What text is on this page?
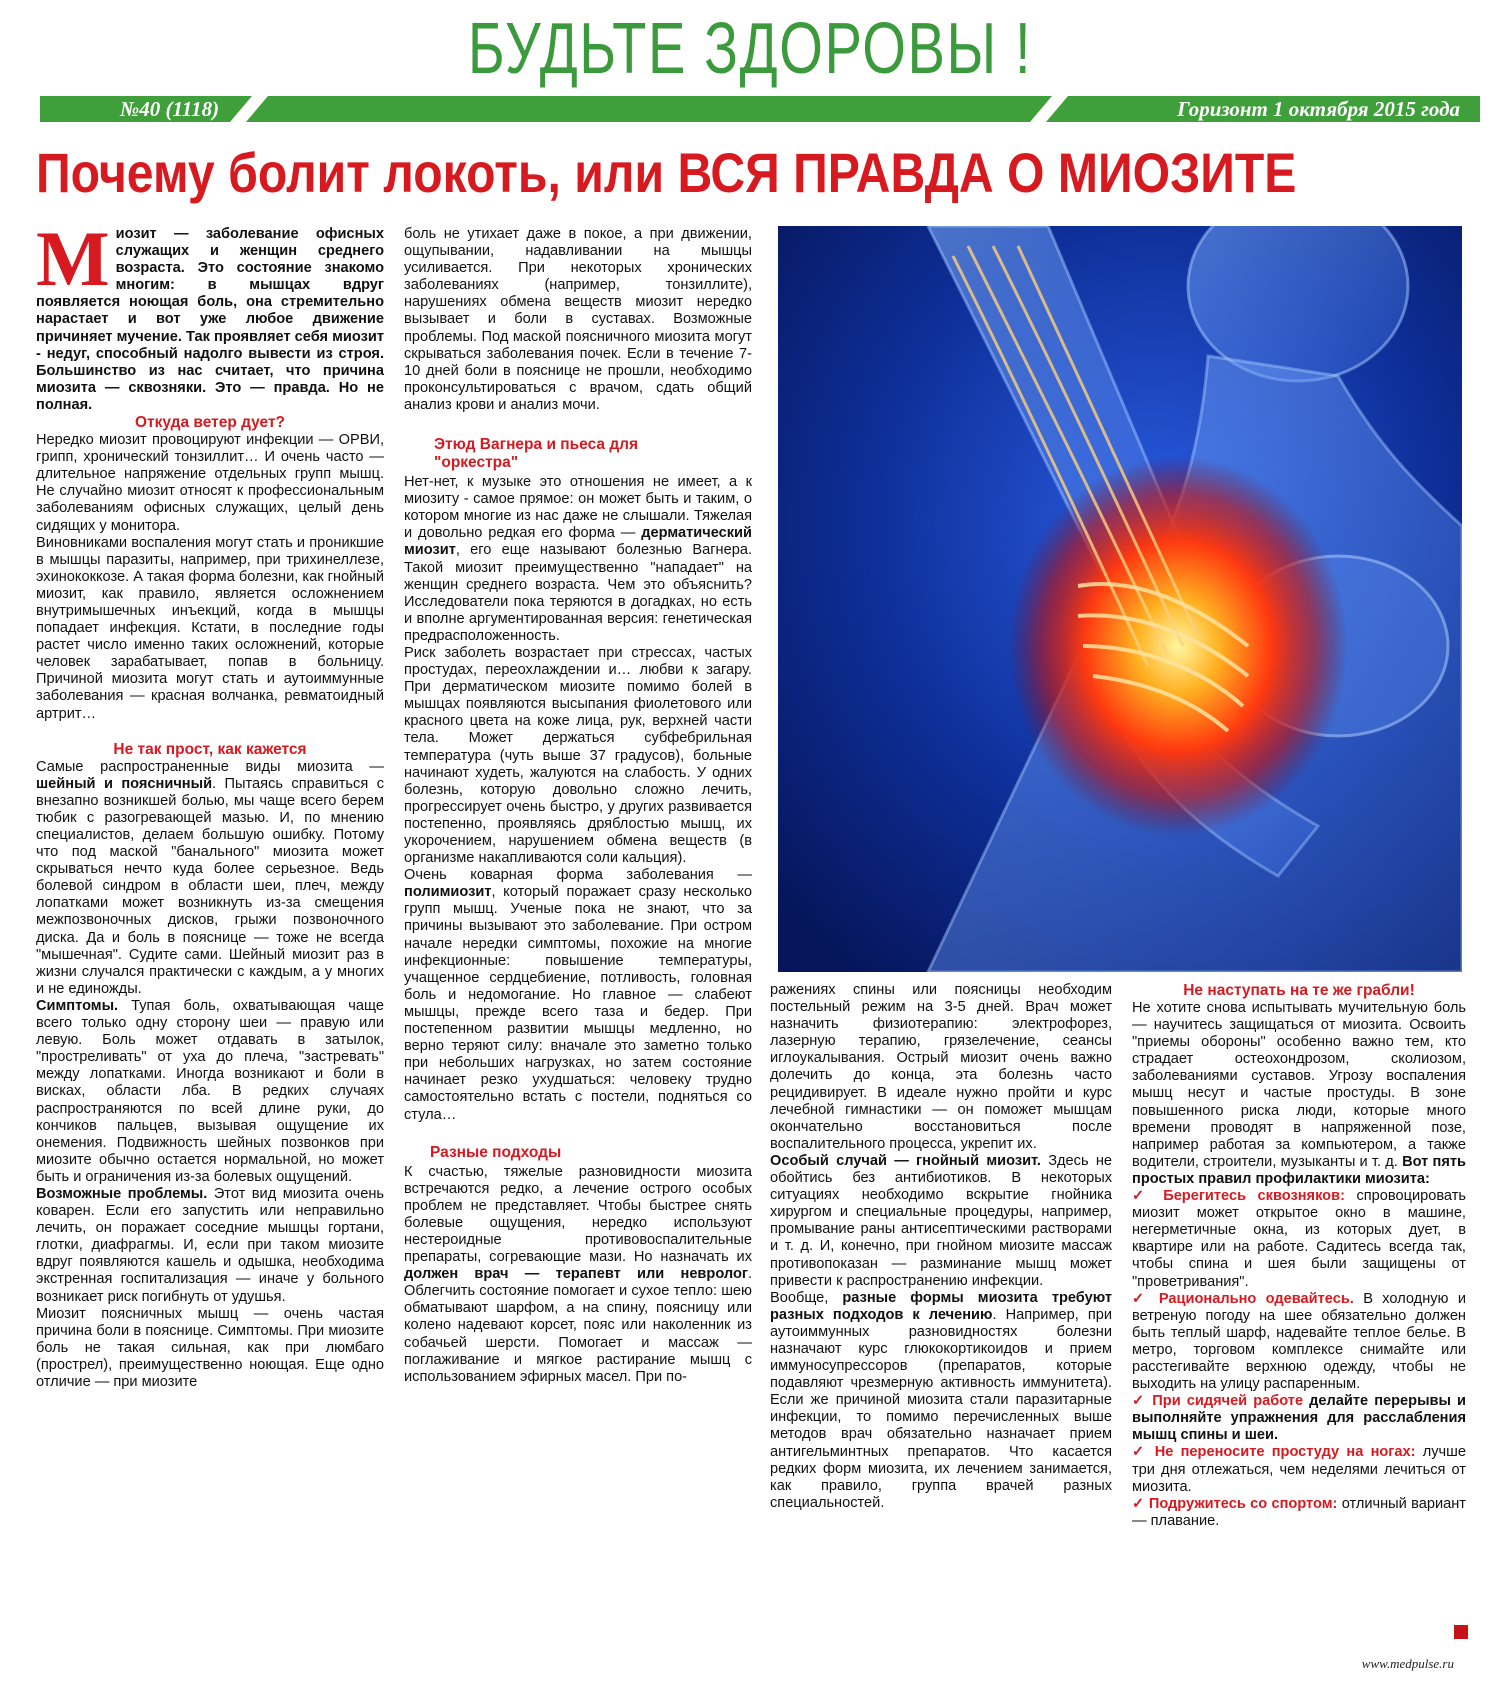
БУДЬТЕ ЗДОРОВЫ !
№40 (1118)	Горизонт 1 октября 2015 года
Почему болит локоть, или ВСЯ ПРАВДА О МИОЗИТЕ

Миозит — заболевание офисных служащих и женщин среднего возраста. Это состояние знакомо многим: в мышцах вдруг появляется ноющая боль, она стремительно нарастает и вот уже любое движение причиняет мучение. Так проявляет себя миозит - недуг, способный надолго вывести из строя. Большинство из нас считает, что причина миозита — сквозняки. Это — правда. Но не полная.

Откуда ветер дует?

Нередко миозит провоцируют инфекции — ОРВИ, грипп, хронический тонзиллит… И очень часто — длительное напряжение отдельных групп мышц. Не случайно миозит относят к профессиональным заболеваниям офисных служащих, целый день сидящих у монитора.

Виновниками воспаления могут стать и проникшие в мышцы паразиты, например, при трихинеллезе, эхинококкозе. А такая форма болезни, как гнойный миозит, как правило, является осложнением внутримышечных инъекций, когда в мышцы попадает инфекция. Кстати, в последние годы растет число именно таких осложнений, которые человек зарабатывает, попав в больницу. Причиной миозита могут стать и аутоиммунные заболевания — красная волчанка, ревматоидный артрит…

Не так прост, как кажется

Самые распространенные виды миозита — шейный и поясничный. Пытаясь справиться с внезапно возникшей болью, мы чаще всего берем тюбик с разогревающей мазью. И, по мнению специалистов, делаем большую ошибку. Потому что под маской "банального" миозита может скрываться нечто куда более серьезное. Ведь болевой синдром в области шеи, плеч, между лопатками может возникнуть из-за смещения межпозвоночных дисков, грыжи позвоночного диска. Да и боль в пояснице — тоже не всегда "мышечная". Судите сами. Шейный миозит раз в жизни случался практически с каждым, а у многих и не единожды.

Симптомы. Тупая боль, охватывающая чаще всего только одну сторону шеи — правую или левую. Боль может отдавать в затылок, "простреливать" от уха до плеча, "застревать" между лопатками. Иногда возникают и боли в висках, области лба. В редких случаях распространяются по всей длине руки, до кончиков пальцев, вызывая ощущение их онемения. Подвижность шейных позвонков при миозите обычно остается нормальной, но может быть и ограничения из-за болевых ощущений.

Возможные проблемы. Этот вид миозита очень коварен. Если его запустить или неправильно лечить, он поражает соседние мышцы гортани, глотки, диафрагмы. И, если при таком миозите вдруг появляются кашель и одышка, необходима экстренная госпитализация — иначе у больного возникает риск погибнуть от удушья.

Миозит поясничных мышц — очень частая причина боли в пояснице. Симптомы. При миозите боль не такая сильная, как при люмбаго (прострел), преимущественно ноющая. Еще одно отличие — при миозите

боль не утихает даже в покое, а при движении, ощупывании, надавливании на мышцы усиливается. При некоторых хронических заболеваниях (например, тонзиллите), нарушениях обмена веществ миозит нередко вызывает и боли в суставах. Возможные проблемы. Под маской поясничного миозита могут скрываться заболевания почек. Если в течение 7-10 дней боли в пояснице не прошли, необходимо проконсультироваться с врачом, сдать общий анализ крови и анализ мочи.

Этюд Вагнера и пьеса для "оркестра"

Нет-нет, к музыке это отношения не имеет, а к миозиту - самое прямое: он может быть и таким, о котором многие из нас даже не слышали. Тяжелая и довольно редкая его форма — дерматический миозит, его еще называют болезнью Вагнера. Такой миозит преимущественно "нападает" на женщин среднего возраста. Чем это объяснить? Исследователи пока теряются в догадках, но есть и вполне аргументированная версия: генетическая предрасположенность.

Риск заболеть возрастает при стрессах, частых простудах, переохлаждении и… любви к загару. При дерматическом миозите помимо болей в мышцах появляются высыпания фиолетового или красного цвета на коже лица, рук, верхней части тела. Может держаться субфебрильная температура (чуть выше 37 градусов), больные начинают худеть, жалуются на слабость. У одних болезнь, которую довольно сложно лечить, прогрессирует очень быстро, у других развивается постепенно, проявляясь дряблостью мышц, их укорочением, нарушением обмена веществ (в организме накапливаются соли кальция).

Очень коварная форма заболевания — полимиозит, который поражает сразу несколько групп мышц. Ученые пока не знают, что за причины вызывают это заболевание. При остром начале нередки симптомы, похожие на многие инфекционные: повышение температуры, учащенное сердцебиение, потливость, головная боль и недомогание. Но главное — слабеют мышцы, прежде всего таза и бедер. При постепенном развитии мышцы медленно, но верно теряют силу: вначале это заметно только при небольших нагрузках, но затем состояние начинает резко ухудшаться: человеку трудно самостоятельно встать с постели, подняться со стула…

Разные подходы

К счастью, тяжелые разновидности миозита встречаются редко, а лечение острого особых проблем не представляет. Чтобы быстрее снять болевые ощущения, нередко используют нестероидные противовоспалительные препараты, согревающие мази. Но назначать их должен врач — терапевт или невролог. Облегчить состояние помогает и сухое тепло: шею обматывают шарфом, а на спину, поясницу или колено надевают корсет, пояс или наколенник из собачьей шерсти. Помогает и массаж — поглаживание и мягкое растирание мышц с использованием эфирных масел. При по-

ражениях спины или поясницы необходим постельный режим на 3-5 дней. Врач может назначить физиотерапию: электрофорез, лазерную терапию, грязелечение, сеансы иглоукалывания. Острый миозит очень важно долечить до конца, эта болезнь часто рецидивирует. В идеале нужно пройти и курс лечебной гимнастики — он поможет мышцам окончательно восстановиться после воспалительного процесса, укрепит их.

Особый случай — гнойный миозит. Здесь не обойтись без антибиотиков. В некоторых ситуациях необходимо вскрытие гнойника хирургом и специальные процедуры, например, промывание раны антисептическими растворами и т. д. И, конечно, при гнойном миозите массаж противопоказан — разминание мышц может привести к распространению инфекции.

Вообще, разные формы миозита требуют разных подходов к лечению. Например, при аутоиммунных разновидностях болезни назначают курс глюкокортикоидов и прием иммуносупрессоров (препаратов, которые подавляют чрезмерную активность иммунитета). Если же причиной миозита стали паразитарные инфекции, то помимо перечисленных выше методов врач обязательно назначает прием антигельминтных препаратов. Что касается редких форм миозита, их лечением занимается, как правило, группа врачей разных специальностей.

Не наступать на те же грабли!

Не хотите снова испытывать мучительную боль — научитесь защищаться от миозита. Освоить "приемы обороны" особенно важно тем, кто страдает остеохондрозом, сколиозом, заболеваниями суставов. Угрозу воспаления мышц несут и частые простуды. В зоне повышенного риска люди, которые много времени проводят в напряженной позе, например работая за компьютером, а также водители, строители, музыканты и т. д. Вот пять простых правил профилактики миозита:

✓ Берегитесь сквозняков: спровоцировать миозит может открытое окно в машине, негерметичные окна, из которых дует, в квартире или на работе. Садитесь всегда так, чтобы спина и шея были защищены от "проветривания".

✓ Рационально одевайтесь. В холодную и ветреную погоду на шее обязательно должен быть теплый шарф, надевайте теплое белье. В метро, торговом комплексе снимайте или расстегивайте верхнюю одежду, чтобы не выходить на улицу распаренным.

✓ При сидячей работе делайте перерывы и выполняйте упражнения для расслабления мышц спины и шеи.

✓ Не переносите простуду на ногах: лучше три дня отлежаться, чем неделями лечиться от миозита.

✓ Подружитесь со спортом: отличный вариант — плавание.

www.medpulse.ru
